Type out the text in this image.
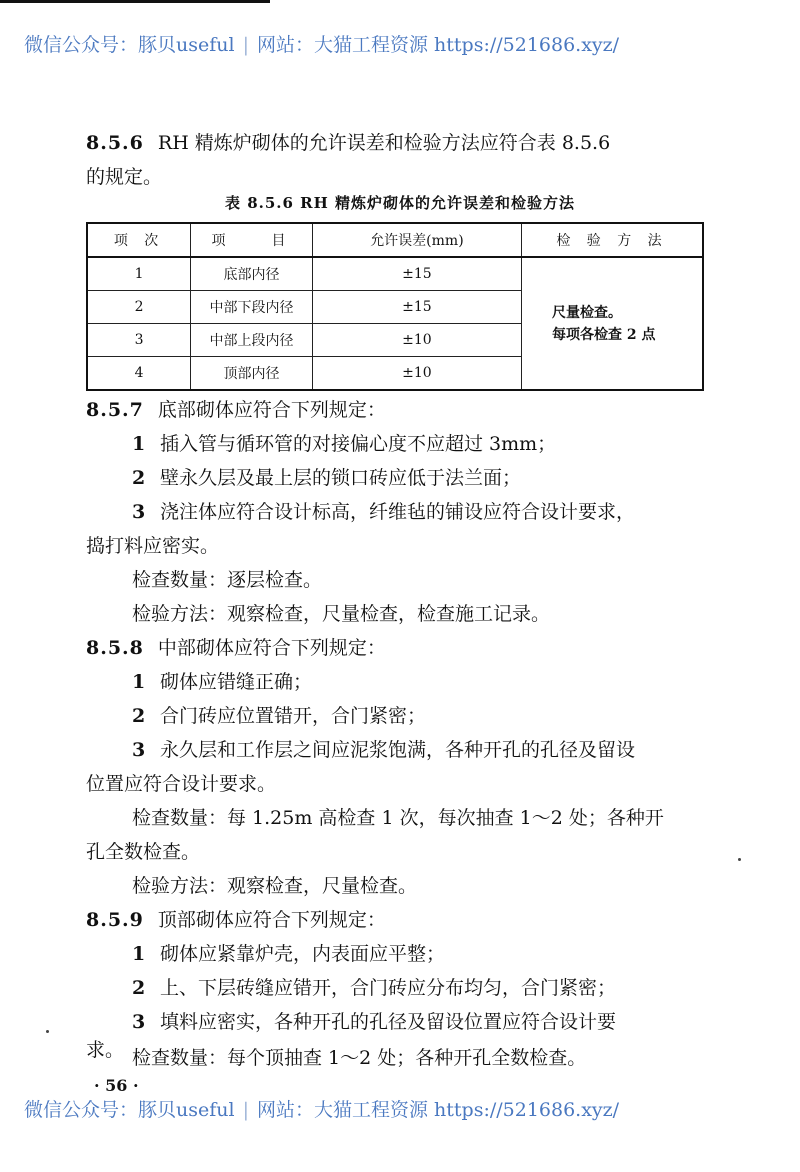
微信公众号：豚贝useful | 网站：大猫工程资源 https://521686.xyz/
8.5.6 RH 精炼炉砌体的允许误差和检验方法应符合表 8.5.6
的规定。
表 8.5.6 RH 精炼炉砌体的允许误差和检验方法
项 次	项　　目	允许误差(mm)	检 验 方 法
1	底部内径	±15	尺量检查。
每项各检查 2 点

2	中部下段内径	±15	
3	中部上段内径	±10	
4	顶部内径	±10	
8.5.7 底部砌体应符合下列规定：
1 插入管与循环管的对接偏心度不应超过 3mm；
2 壁永久层及最上层的锁口砖应低于法兰面；
3 浇注体应符合设计标高，纤维毡的铺设应符合设计要求，
捣打料应密实。
检查数量：逐层检查。
检验方法：观察检查，尺量检查，检查施工记录。
8.5.8 中部砌体应符合下列规定：
1 砌体应错缝正确；
2 合门砖应位置错开，合门紧密；
3 永久层和工作层之间应泥浆饱满，各种开孔的孔径及留设
位置应符合设计要求。
检查数量：每 1.25m 高检查 1 次，每次抽查 1～2 处；各种开
孔全数检查。
检验方法：观察检查，尺量检查。
8.5.9 顶部砌体应符合下列规定：
1 砌体应紧靠炉壳，内表面应平整；
2 上、下层砖缝应错开，合门砖应分布均匀，合门紧密；
3 填料应密实，各种开孔的孔径及留设位置应符合设计要
求。 检查数量：每个顶抽查 1～2 处；各种开孔全数检查。
· 56 ·
微信公众号：豚贝useful | 网站：大猫工程资源 https://521686.xyz/
